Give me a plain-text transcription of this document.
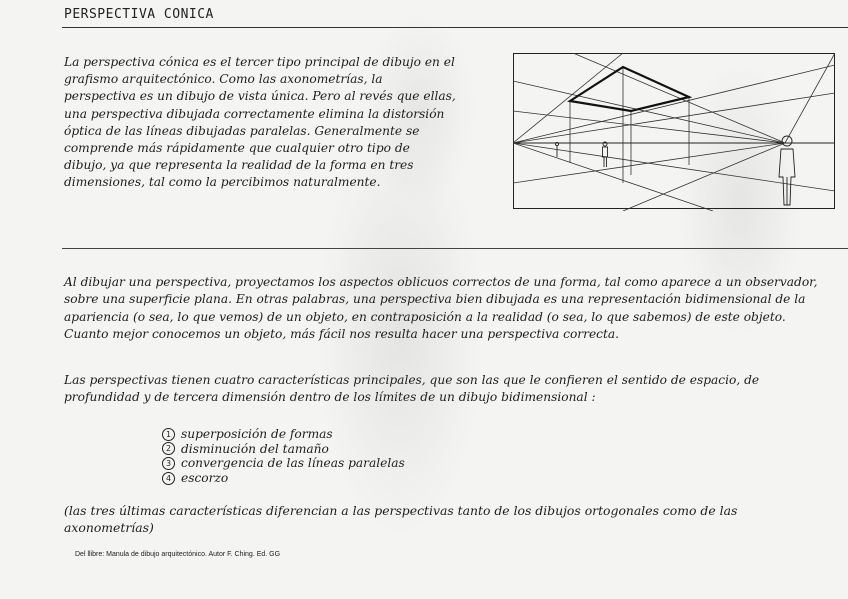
PERSPECTIVA CONICA

La perspectiva cónica es el tercer tipo principal de dibujo en el grafismo arquitectónico. Como las axonometrías, la perspectiva es un dibujo de vista única. Pero al revés que ellas, una perspectiva dibujada correctamente elimina la distorsión óptica de las líneas dibujadas paralelas. Generalmente se comprende más rápidamente que cualquier otro tipo de dibujo, ya que representa la realidad de la forma en tres dimensiones, tal como la percibimos naturalmente.

Al dibujar una perspectiva, proyectamos los aspectos oblicuos correctos de una forma, tal como aparece a un observador, sobre una superficie plana. En otras palabras, una perspectiva bien dibujada es una representación bidimensional de la apariencia (o sea, lo que vemos) de un objeto, en contraposición a la realidad (o sea, lo que sabemos) de este objeto. Cuanto mejor conocemos un objeto, más fácil nos resulta hacer una perspectiva correcta.

Las perspectivas tienen cuatro características principales, que son las que le confieren el sentido de espacio, de profundidad y de tercera dimensión dentro de los límites de un dibujo bidimensional :

1 superposición de formas
2 disminución del tamaño
3 convergencia de las líneas paralelas
4 escorzo

(las tres últimas características diferencian a las perspectivas tanto de los dibujos ortogonales como de las axonometrías)

Del llibre: Manula de dibujo arquitectónico. Autor F. Ching. Ed. GG
